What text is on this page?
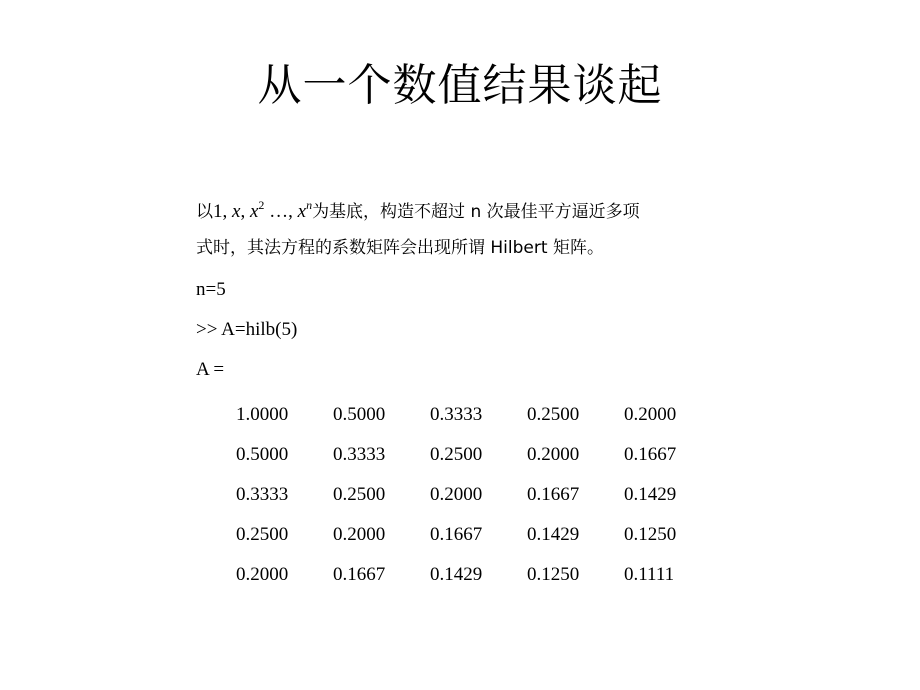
从一个数值结果谈起
以1, x, $x^2$ …, $x^n$为基底，构造不超过 n 次最佳平方逼近多项
式时，其法方程的系数矩阵会出现所谓 Hilbert 矩阵。
n=5
>> A=hilb(5)
A =
1.0000	0.5000	0.3333	0.2500	0.2000
0.5000	0.3333	0.2500	0.2000	0.1667
0.3333	0.2500	0.2000	0.1667	0.1429
0.2500	0.2000	0.1667	0.1429	0.1250
0.2000	0.1667	0.1429	0.1250	0.1111
